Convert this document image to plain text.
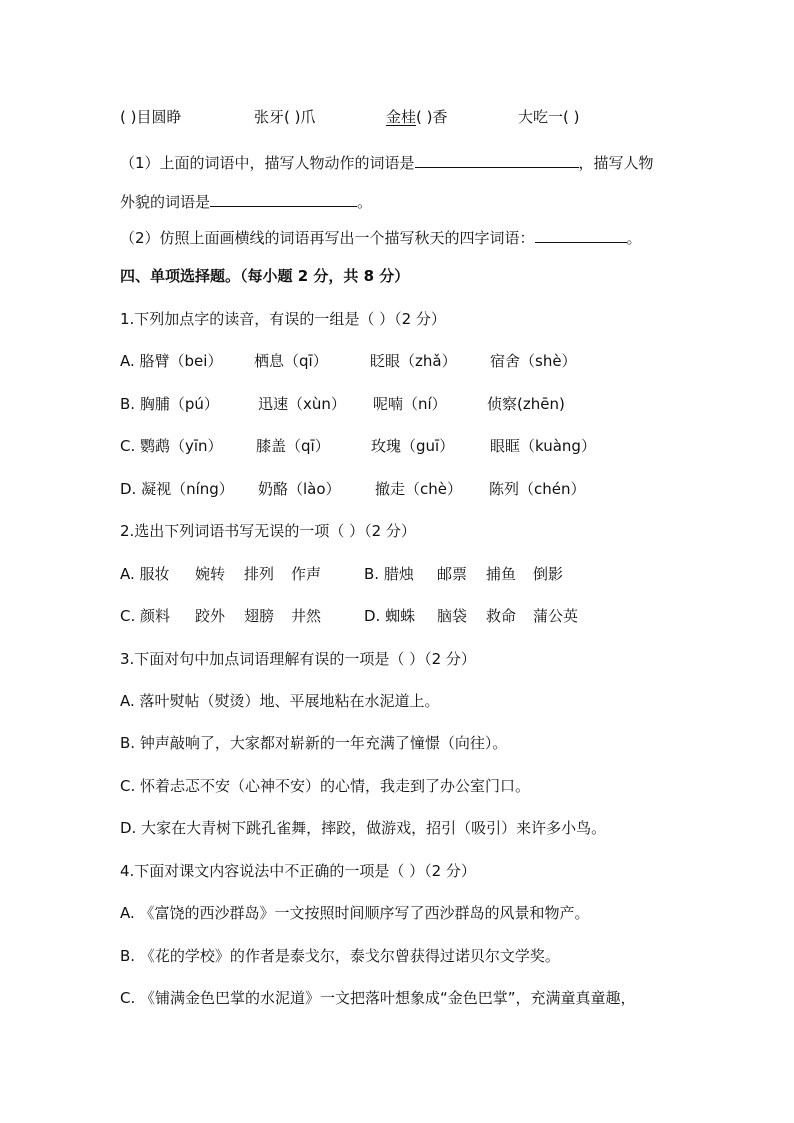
( )目圆睁	张牙( )爪	金桂( )香	大吃一( )
（1）上面的词语中，描写人物动作的词语是	，描写人物
外貌的词语是	。
（2）仿照上面画横线的词语再写出一个描写秋天的四字词语：	。
四、单项选择题。（每小题 2 分，共 8 分）
1.下列加点字的读音，有误的一组是（ ）（2 分）
A. 胳臂（bei） 栖息（qī）	眨眼（zhǎ） 宿舍（shè）
B. 胸脯（pú）	迅速（xùn） 呢喃（ní）	侦察(zhēn)
C. 鹦鹉（yīn） 膝盖（qī）	玫瑰（guī） 眼眶（kuàng）
D. 凝视（níng） 奶酪（lào） 撤走（chè） 陈列（chén）
2.选出下列词语书写无误的一项（ ）（2 分）
A. 服妆 婉转 排列 作声	B. 腊烛 邮票 捕鱼 倒影
C. 颜料 跤外 翅膀 井然	D. 蜘蛛 脑袋 救命 蒲公英
3.下面对句中加点词语理解有误的一项是（ ）（2 分）
A. 落叶熨帖（熨烫）地、平展地粘在水泥道上。
B. 钟声敲响了，大家都对崭新的一年充满了憧憬（向往）。
C. 怀着忐忑不安（心神不安）的心情，我走到了办公室门口。
D. 大家在大青树下跳孔雀舞，摔跤，做游戏，招引（吸引）来许多小鸟。
4.下面对课文内容说法中不正确的一项是（ ）（2 分）
A. 《富饶的西沙群岛》一文按照时间顺序写了西沙群岛的风景和物产。
B. 《花的学校》的作者是泰戈尔，泰戈尔曾获得过诺贝尔文学奖。
C. 《铺满金色巴掌的水泥道》一文把落叶想象成“金色巴掌”，充满童真童趣，
